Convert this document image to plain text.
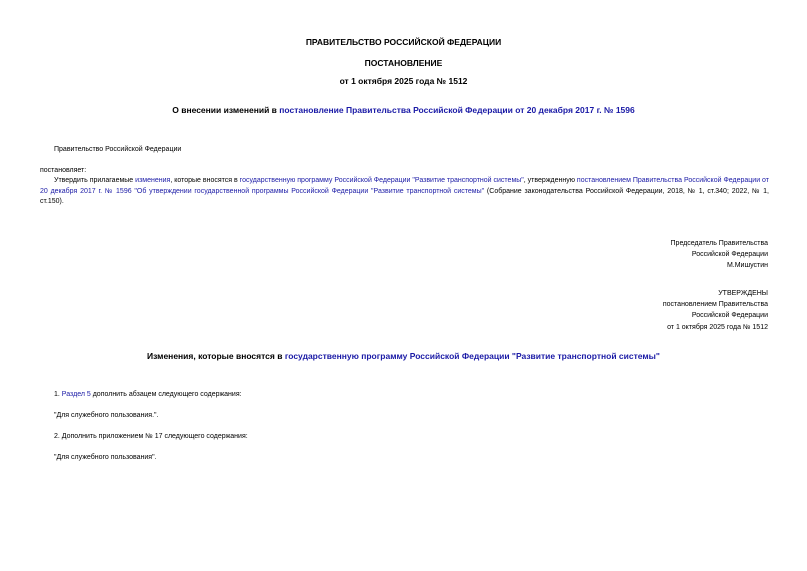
ПРАВИТЕЛЬСТВО РОССИЙСКОЙ ФЕДЕРАЦИИ
ПОСТАНОВЛЕНИЕ
от 1 октября 2025 года № 1512
О внесении изменений в постановление Правительства Российской Федерации от 20 декабря 2017 г. № 1596
Правительство Российской Федерации
постановляет:
Утвердить прилагаемые изменения, которые вносятся в государственную программу Российской Федерации "Развитие транспортной системы", утвержденную постановлением Правительства Российской Федерации от 20 декабря 2017 г. № 1596 "Об утверждении государственной программы Российской Федерации "Развитие транспортной системы" (Собрание законодательства Российской Федерации, 2018, № 1, ст.340; 2022, № 1, ст.150).
Председатель Правительства
Российской Федерации
М.Мишустин
УТВЕРЖДЕНЫ
постановлением Правительства
Российской Федерации
от 1 октября 2025 года № 1512
Изменения, которые вносятся в государственную программу Российской Федерации "Развитие транспортной системы"
1. Раздел 5 дополнить абзацем следующего содержания:
"Для служебного пользования.".
2. Дополнить приложением № 17 следующего содержания:
"Для служебного пользования".
